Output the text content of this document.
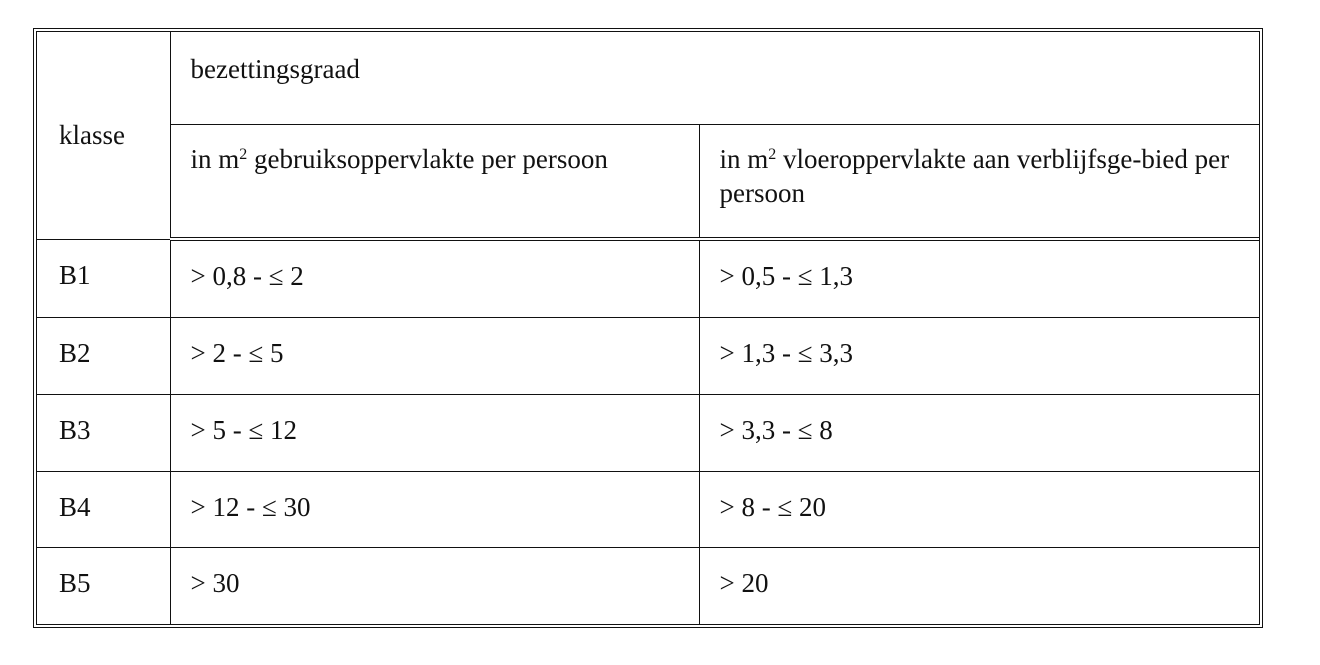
klasse	bezettingsgraad	

	in $m^2$ gebruiksoppervlakte per persoon	in $m^2$ vloeroppervlakte aan verblijfsge-bied per persoon

B1	> 0,8 - ≤ 2	> 0,5 - ≤ 1,3

B2	> 2 - ≤ 5	> 1,3 - ≤ 3,3

B3	> 5 - ≤ 12	> 3,3 - ≤ 8

B4	> 12 - ≤ 30	> 8 - ≤ 20

B5	> 30	> 20
